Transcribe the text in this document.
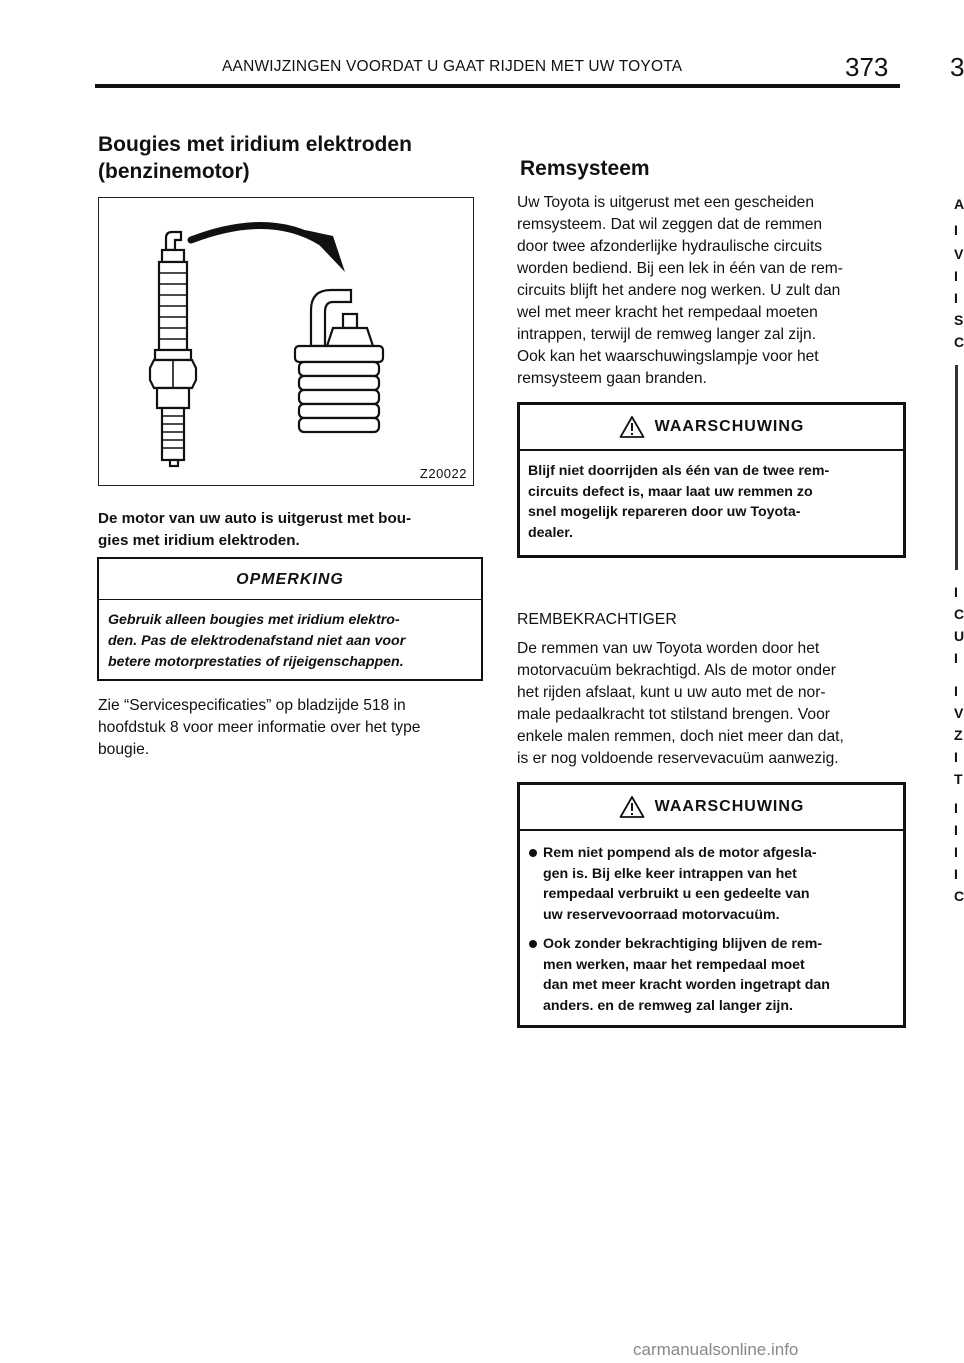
AANWIJZINGEN VOORDAT U GAAT RIJDEN MET UW TOYOTA	373 3
Bougies met iridium elektroden
(benzinemotor)
Z20022

De motor van uw auto is uitgerust met bou-
gies met iridium elektroden.

OPMERKING
Gebruik alleen bougies met iridium elektro-
den. Pas de elektrodenafstand niet aan voor
betere motorprestaties of rijeigenschappen.

Zie “Servicespecificaties” op bladzijde 518 in
hoofdstuk 8 voor meer informatie over het type
bougie.

Remsysteem

Uw Toyota is uitgerust met een gescheiden
remsysteem. Dat wil zeggen dat de remmen
door twee afzonderlijke hydraulische circuits
worden bediend. Bij een lek in één van de rem-
circuits blijft het andere nog werken. U zult dan
wel met meer kracht het rempedaal moeten
intrappen, terwijl de remweg langer zal zijn.
Ook kan het waarschuwingslampje voor het
remsysteem gaan branden.

WAARSCHUWING
Blijf niet doorrijden als één van de twee rem-
circuits defect is, maar laat uw remmen zo
snel mogelijk repareren door uw Toyota-
dealer.
REMBEKRACHTIGER

De remmen van uw Toyota worden door het
motorvacuüm bekrachtigd. Als de motor onder
het rijden afslaat, kunt u uw auto met de nor-
male pedaalkracht tot stilstand brengen. Voor
enkele malen remmen, doch niet meer dan dat,
is er nog voldoende reservevacuüm aanwezig.

WAARSCHUWING
Rem niet pompend als de motor afgesla-
gen is. Bij elke keer intrappen van het
rempedaal verbruikt u een gedeelte van
uw reservevoorraad motorvacuüm.
Ook zonder bekrachtiging blijven de rem-
men werken, maar het rempedaal moet
dan met meer kracht worden ingetrapt dan
anders. en de remweg zal langer zijn.
A
I
V
I
I
S
C
I
C
U
I
I
V
Z
I
T
I
I
I
I
C
carmanualsonline.info
